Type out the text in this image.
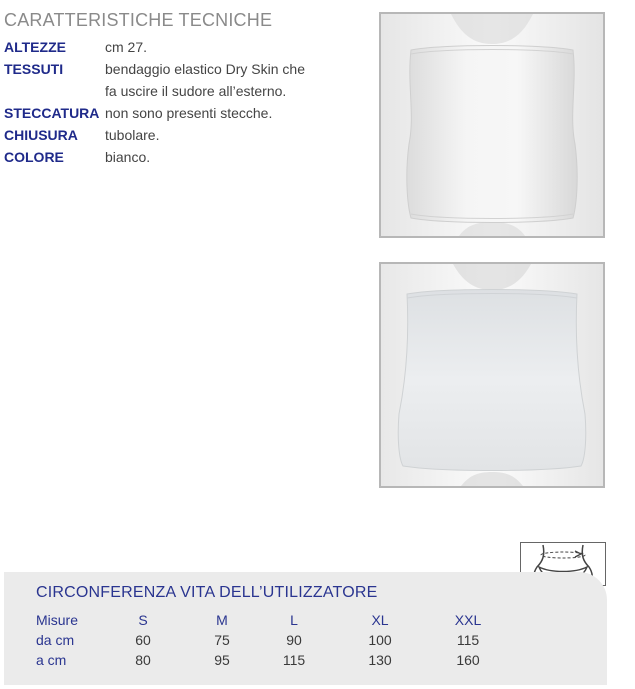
CARATTERISTICHE TECNICHE
ALTEZZE	cm 27.
TESSUTI	bendaggio elastico Dry Skin che
fa uscire il sudore all’esterno.
STECCATURA non sono presenti stecche.
CHIUSURA tubolare.
COLORE	bianco.
CIRCONFERENZA VITA DELL’UTILIZZATORE
Misure	S	M	L	XL	XXL
da cm	60	75	90	100	115
a cm	80	95	115	130	160
